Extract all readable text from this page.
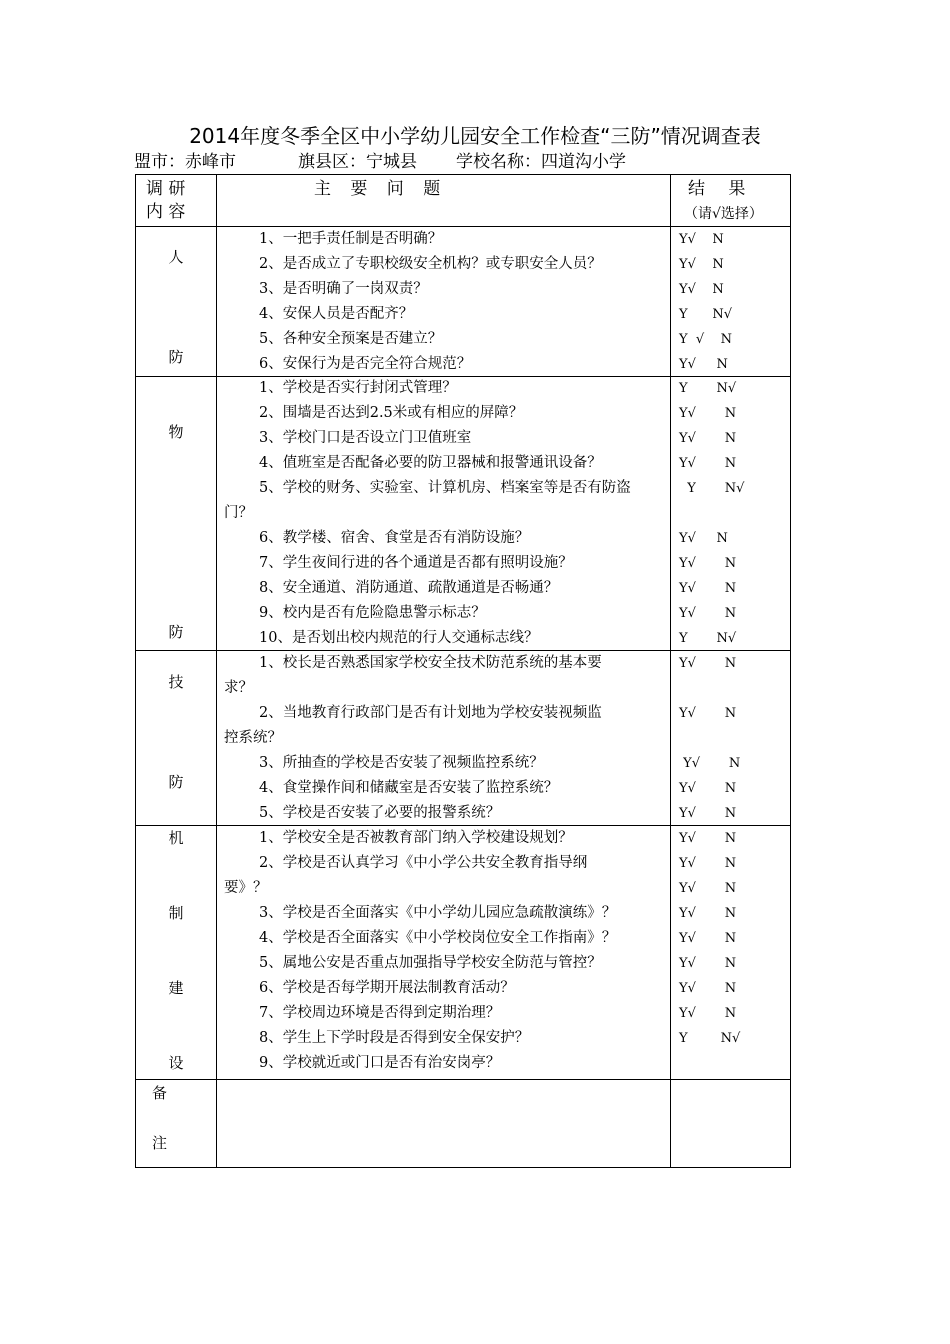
2014年度冬季全区中小学幼儿园安全工作检查“三防”情况调查表
盟市：赤峰市	旗县区：宁城县 学校名称：四道沟小学
调 研
内 容
主 要 问 题	结 果
（请√选择）
人
防
1、一把手责任制是否明确？
2、是否成立了专职校级安全机构？或专职安全人员？
3、是否明确了一岗双责？
4、安保人员是否配齐？
5、各种安全预案是否建立？
6、安保行为是否完全符合规范？
Y√    N
Y√    N
Y√    N
Y      N√
Y  √    N
Y√     N
物
防
1、学校是否实行封闭式管理？
2、围墙是否达到2.5米或有相应的屏障？
3、学校门口是否设立门卫值班室
4、值班室是否配备必要的防卫器械和报警通讯设备？
5、学校的财务、实验室、计算机房、档案室等是否有防盗
门？
6、教学楼、宿舍、食堂是否有消防设施？
7、学生夜间行进的各个通道是否都有照明设施？
8、安全通道、消防通道、疏散通道是否畅通？
9、校内是否有危险隐患警示标志？
10、是否划出校内规范的行人交通标志线？
Y       N√
Y√       N
Y√       N
Y√       N
Y       N√
Y√     N
Y√       N
Y√       N
Y√       N
Y       N√
技
防
1、校长是否熟悉国家学校安全技术防范系统的基本要
求？
2、当地教育行政部门是否有计划地为学校安装视频监
控系统？
3、所抽查的学校是否安装了视频监控系统？
4、食堂操作间和储藏室是否安装了监控系统？
5、学校是否安装了必要的报警系统？
Y√       N
Y√       N
Y√       N
Y√       N
Y√       N
机
制
建
设
1、学校安全是否被教育部门纳入学校建设规划？
2、学校是否认真学习《中小学公共安全教育指导纲
要》？
3、学校是否全面落实《中小学幼儿园应急疏散演练》？
4、学校是否全面落实《中小学校岗位安全工作指南》？
5、属地公安是否重点加强指导学校安全防范与管控？
6、学校是否每学期开展法制教育活动？
7、学校周边环境是否得到定期治理？
8、学生上下学时段是否得到安全保安护？
9、学校就近或门口是否有治安岗亭？
Y√       N
Y√       N
Y√       N
Y√       N
Y√       N
Y√       N
Y√       N
Y√       N
Y        N√
备
注
